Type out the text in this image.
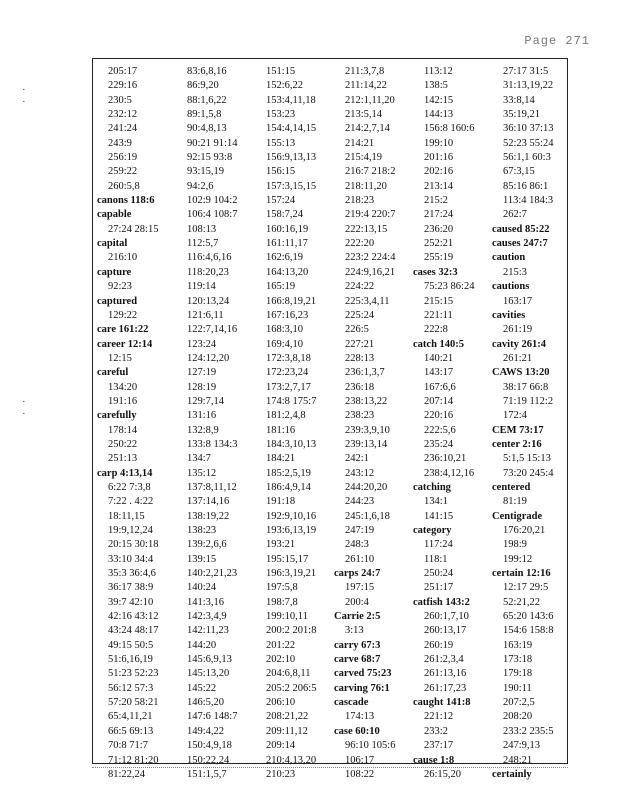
Page 271
·
·
·
·
205:17
229:16
230:5
232:12
241:24
243:9
256:19
259:22
260:5,8
canons 118:6
capable
27:24 28:15
capital
216:10
capture
92:23
captured
129:22
care 161:22
career 12:14
12:15
careful
134:20
191:16
carefully
178:14
250:22
251:13
carp 4:13,14
6:22 7:3,8
7:22 . 4:22
18:11,15
19:9,12,24
20:15 30:18
33:10 34:4
35:3 36:4,6
36:17 38:9
39:7 42:10
42:16 43:12
43:24 48:17
49:15 50:5
51:6,16,19
51:23 52:23
56:12 57:3
57:20 58:21
65:4,11,21
66:5 69:13
70:8 71:7
71:12 81:20
81:22,24
83:6,8,16
86:9,20
88:1,6,22
89:1,5,8
90:4,8,13
90:21 91:14
92:15 93:8
93:15,19
94:2,6
102:9 104:2
106:4 108:7
108:13
112:5,7
116:4,6,16
118:20,23
119:14
120:13,24
121:6,11
122:7,14,16
123:24
124:12,20
127:19
128:19
129:7,14
131:16
132:8,9
133:8 134:3
134:7
135:12
137:8,11,12
137:14,16
138:19,22
138:23
139:2,6,6
139:15
140:2,21,23
140:24
141:3,16
142:3,4,9
142:11,23
144:20
145:6,9,13
145:13,20
145:22
146:5,20
147:6 148:7
149:4,22
150:4,9,18
150:22,24
151:1,5,7
151:15
152:6,22
153:4,11,18
153:23
154:4,14,15
155:13
156:9,13,13
156:15
157:3,15,15
157:24
158:7,24
160:16,19
161:11,17
162:6,19
164:13,20
165:19
166:8,19,21
167:16,23
168:3,10
169:4,10
172:3,8,18
172:23,24
173:2,7,17
174:8 175:7
181:2,4,8
181:16
184:3,10,13
184:21
185:2,5,19
186:4,9,14
191:18
192:9,10,16
193:6,13,19
193:21
195:15,17
196:3,19,21
197:5,8
198:7,8
199:10,11
200:2 201:8
201:22
202:10
204:6,8,11
205:2 206:5
206:10
208:21,22
209:11,12
209:14
210:4,13,20
210:23
211:3,7,8
211:14,22
212:1,11,20
213:5,14
214:2,7,14
214:21
215:4,19
216:7 218:2
218:11,20
218:23
219:4 220:7
222:13,15
222:20
223:2 224:4
224:9,16,21
224:22
225:3,4,11
225:24
226:5
227:21
228:13
236:1,3,7
236:18
238:13,22
238:23
239:3,9,10
239:13,14
242:1
243:12
244:20,20
244:23
245:1,6,18
247:19
248:3
261:10
carps 24:7
197:15
200:4
Carrie 2:5
3:13
carry 67:3
carve 68:7
carved 75:23
carving 76:1
cascade
174:13
case 60:10
96:10 105:6
106:17
108:22
113:12
138:5
142:15
144:13
156:8 160:6
199:10
201:16
202:16
213:14
215:2
217:24
236:20
252:21
255:19
cases 32:3
75:23 86:24
215:15
221:11
222:8
catch 140:5
140:21
143:17
167:6,6
207:14
220:16
222:5,6
235:24
236:10,21
238:4,12,16
catching
134:1
141:15
category
117:24
118:1
250:24
251:17
catfish 143:2
260:1,7,10
260:13,17
260:19
261:2,3,4
261:13,16
261:17,23
caught 141:8
221:12
233:2
237:17
cause 1:8
26:15,20
27:17 31:5
31:13,19,22
33:8,14
35:19,21
36:10 37:13
52:23 55:24
56:1,1 60:3
67:3,15
85:16 86:1
113:4 184:3
262:7
caused 85:22
causes 247:7
caution
215:3
cautions
163:17
cavities
261:19
cavity 261:4
261:21
CAWS 13:20
38:17 66:8
71:19 112:2
172:4
CEM 73:17
center 2:16
5:1,5 15:13
73:20 245:4
centered
81:19
Centigrade
176:20,21
198:9
199:12
certain 12:16
12:17 29:5
52:21,22
65:20 143:6
154:6 158:8
163:19
173:18
179:18
190:11
207:2,5
208:20
233:2 235:5
247:9,13
248:21
certainly
